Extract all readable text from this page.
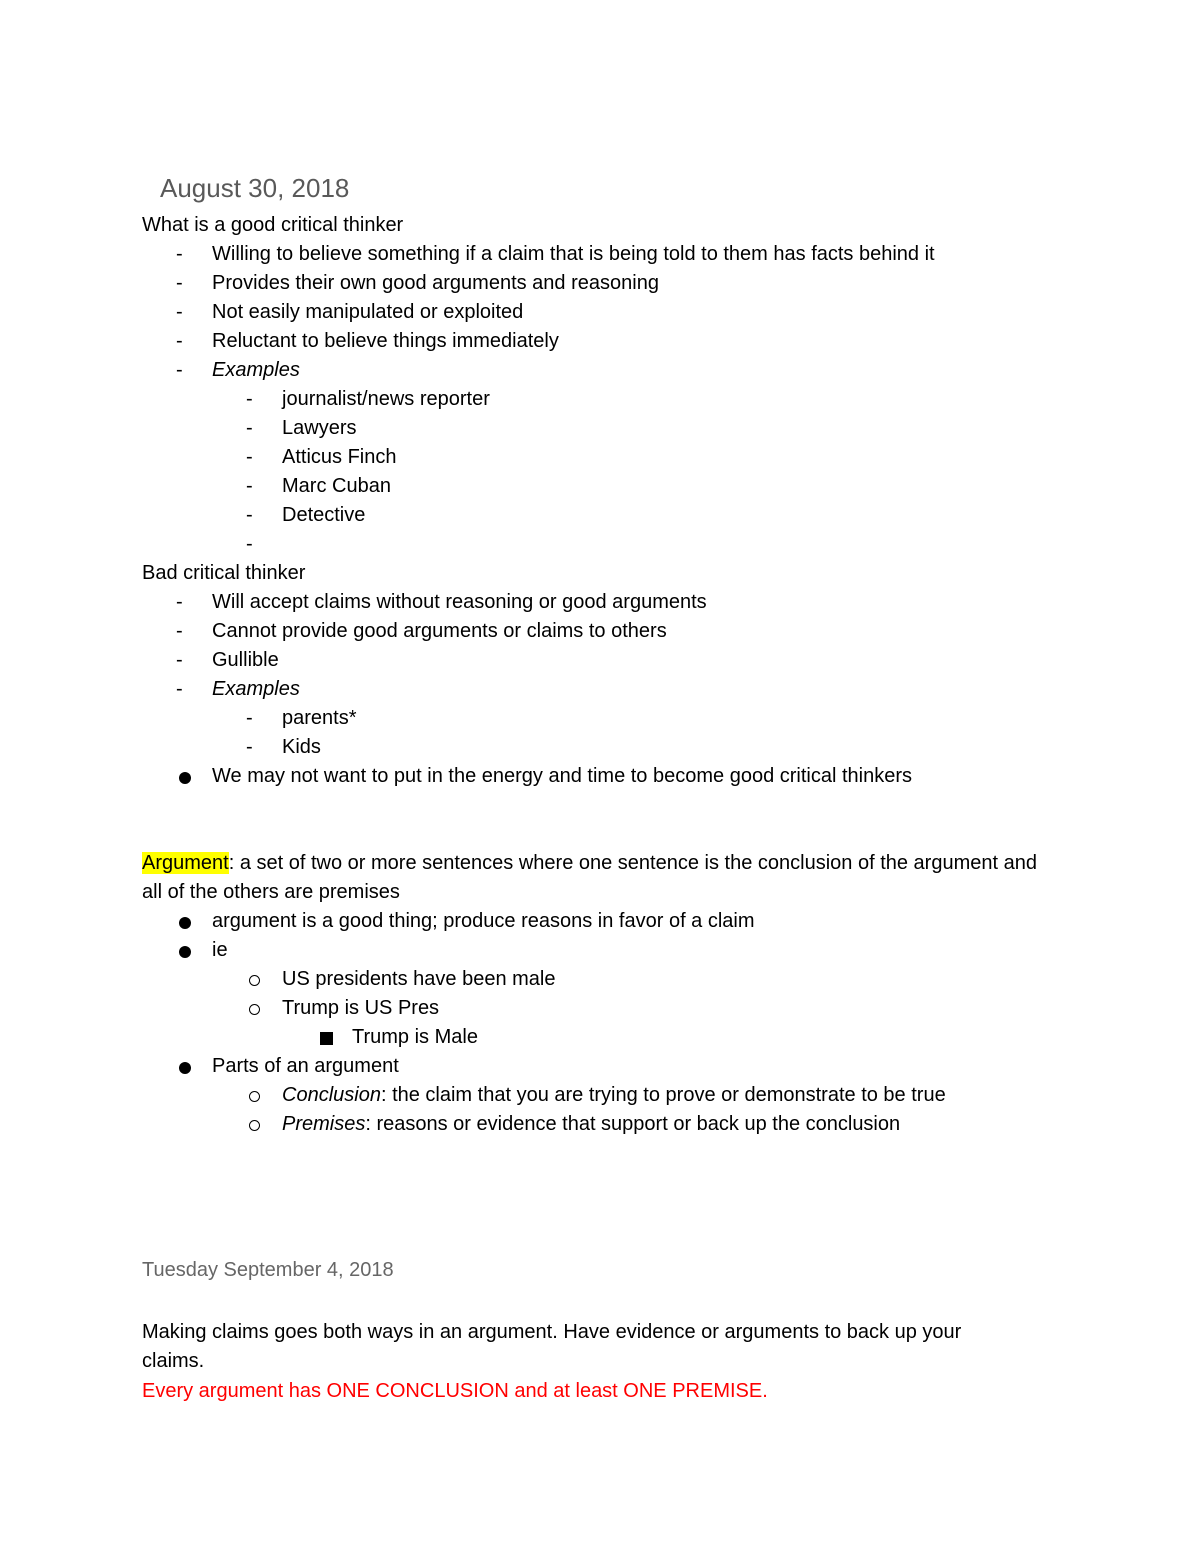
August 30, 2018
What is a good critical thinker
- Willing to believe something if a claim that is being told to them has facts behind it
- Provides their own good arguments and reasoning
- Not easily manipulated or exploited
- Reluctant to believe things immediately
- Examples
- journalist/news reporter
- Lawyers
- Atticus Finch
- Marc Cuban
- Detective
-
Bad critical thinker
- Will accept claims without reasoning or good arguments
- Cannot provide good arguments or claims to others
- Gullible
- Examples
- parents*
- Kids
We may not want to put in the energy and time to become good critical thinkers
Argument: a set of two or more sentences where one sentence is the conclusion of the argument and all of the others are premises
argument is a good thing; produce reasons in favor of a claim
ie
US presidents have been male
Trump is US Pres
Trump is Male
Parts of an argument
Conclusion: the claim that you are trying to prove or demonstrate to be true
Premises: reasons or evidence that support or back up the conclusion
Tuesday September 4, 2018
Making claims goes both ways in an argument. Have evidence or arguments to back up your claims.
Every argument has ONE CONCLUSION and at least ONE PREMISE.
